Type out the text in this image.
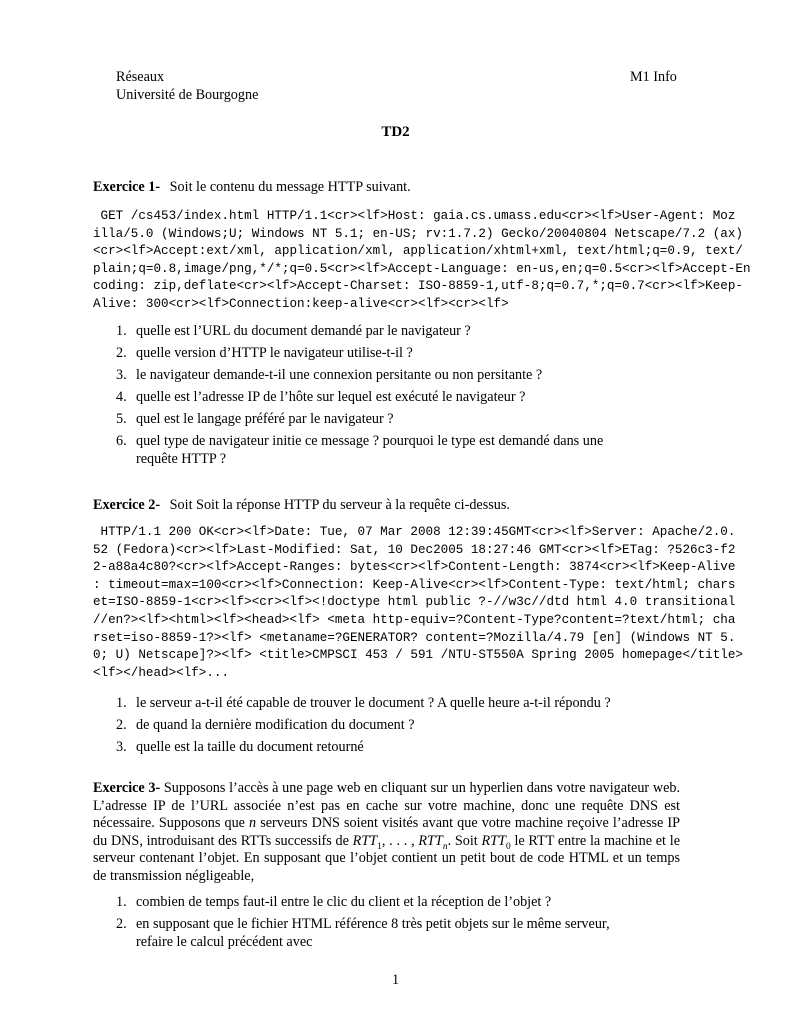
Réseaux
Université de Bourgogne
M1 Info
TD2
Exercice 1- Soit le contenu du message HTTP suivant.
GET /cs453/index.html HTTP/1.1<cr><lf>Host: gaia.cs.umass.edu<cr><lf>User-Agent: Moz
illa/5.0 (Windows;U; Windows NT 5.1; en-US; rv:1.7.2) Gecko/20040804 Netscape/7.2 (ax)
<cr><lf>Accept:ext/xml, application/xml, application/xhtml+xml, text/html;q=0.9, text/
plain;q=0.8,image/png,*/*;q=0.5<cr><lf>Accept-Language: en-us,en;q=0.5<cr><lf>Accept-En
coding: zip,deflate<cr><lf>Accept-Charset: ISO-8859-1,utf-8;q=0.7,*;q=0.7<cr><lf>Keep-
Alive: 300<cr><lf>Connection:keep-alive<cr><lf><cr><lf>
1. quelle est l’URL du document demandé par le navigateur ?
2. quelle version d’HTTP le navigateur utilise-t-il ?
3. le navigateur demande-t-il une connexion persitante ou non persitante ?
4. quelle est l’adresse IP de l’hôte sur lequel est exécuté le navigateur ?
5. quel est le langage préféré par le navigateur ?
6. quel type de navigateur initie ce message ? pourquoi le type est demandé dans une requête HTTP ?
Exercice 2- Soit Soit la réponse HTTP du serveur à la requête ci-dessus.
HTTP/1.1 200 OK<cr><lf>Date: Tue, 07 Mar 2008 12:39:45GMT<cr><lf>Server: Apache/2.0.
52 (Fedora)<cr><lf>Last-Modified: Sat, 10 Dec2005 18:27:46 GMT<cr><lf>ETag: ?526c3-f2
2-a88a4c80?<cr><lf>Accept-Ranges: bytes<cr><lf>Content-Length: 3874<cr><lf>Keep-Alive
: timeout=max=100<cr><lf>Connection: Keep-Alive<cr><lf>Content-Type: text/html; chars
et=ISO-8859-1<cr><lf><cr><lf><!doctype html public ?-//w3c//dtd html 4.0 transitional
//en?><lf><html><lf><head><lf> <meta http-equiv=?Content-Type?content=?text/html; cha
rset=iso-8859-1?><lf> <metaname=?GENERATOR? content=?Mozilla/4.79 [en] (Windows NT 5.
0; U) Netscape]?><lf> <title>CMPSCI 453 / 591 /NTU-ST550A Spring 2005 homepage</title>
<lf></head><lf>...
1. le serveur a-t-il été capable de trouver le document ? A quelle heure a-t-il répondu ?
2. de quand la dernière modification du document ?
3. quelle est la taille du document retourné
Exercice 3- Supposons l’accès à une page web en cliquant sur un hyperlien dans votre navigateur web. L’adresse IP de l’URL associée n’est pas en cache sur votre machine, donc une requête DNS est nécessaire. Supposons que n serveurs DNS soient visités avant que votre machine reçoive l’adresse IP du DNS, introduisant des RTTs successifs de $RTT_1$, . . . , $RTT_n$. Soit $RTT_0$ le RTT entre la machine et le serveur contenant l’objet. En supposant que l’objet contient un petit bout de code HTML et un temps de transmission négligeable,
1. combien de temps faut-il entre le clic du client et la réception de l’objet ?
2. en supposant que le fichier HTML référence 8 très petit objets sur le même serveur, refaire le calcul précédent avec
1
